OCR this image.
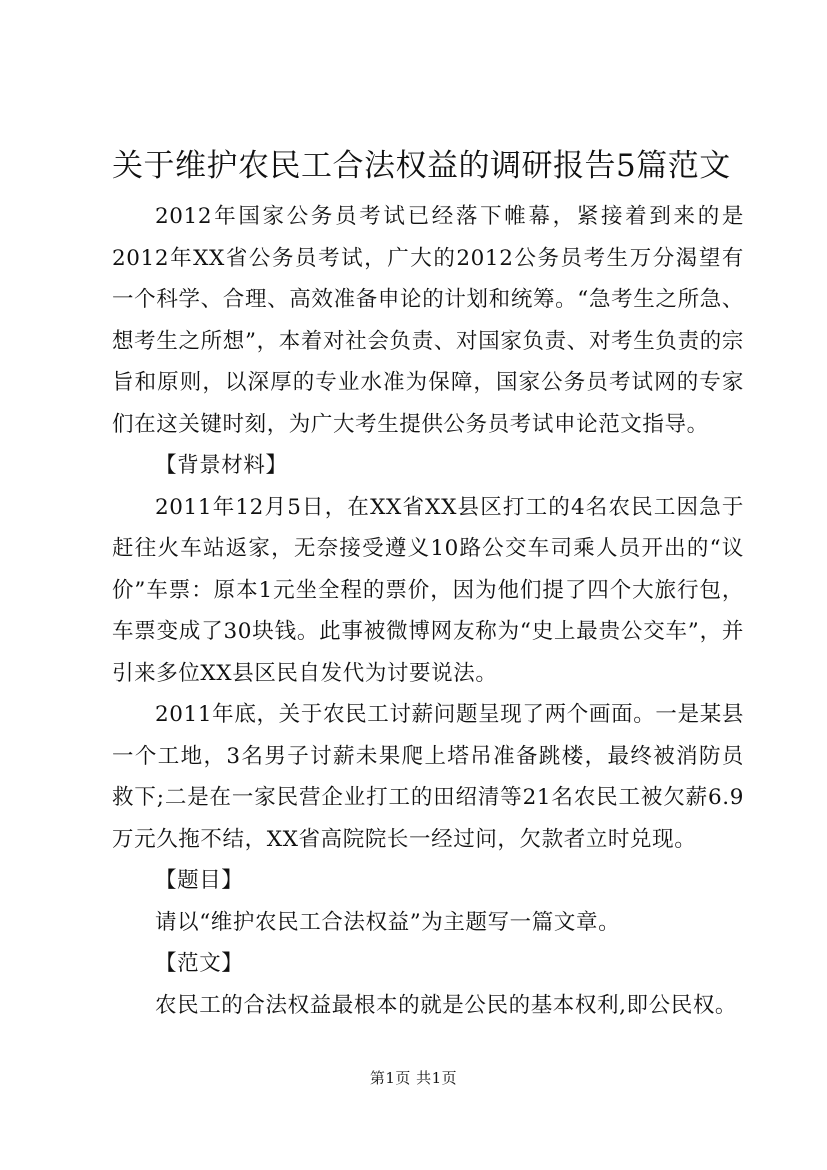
关于维护农民工合法权益的调研报告5篇范文

2012年国家公务员考试已经落下帷幕，紧接着到来的是2012年XX省公务员考试，广大的2012公务员考生万分渴望有一个科学、合理、高效准备申论的计划和统筹。“急考生之所急、想考生之所想”，本着对社会负责、对国家负责、对考生负责的宗旨和原则，以深厚的专业水准为保障，国家公务员考试网的专家们在这关键时刻，为广大考生提供公务员考试申论范文指导。

【背景材料】

2011年12月5日，在XX省XX县区打工的4名农民工因急于赶往火车站返家，无奈接受遵义10路公交车司乘人员开出的“议价”车票：原本1元坐全程的票价，因为他们提了四个大旅行包，车票变成了30块钱。此事被微博网友称为“史上最贵公交车”，并引来多位XX县区民自发代为讨要说法。

2011年底，关于农民工讨薪问题呈现了两个画面。一是某县一个工地，3名男子讨薪未果爬上塔吊准备跳楼，最终被消防员救下;二是在一家民营企业打工的田绍清等21名农民工被欠薪6.9万元久拖不结，XX省高院院长一经过问，欠款者立时兑现。

【题目】

请以“维护农民工合法权益”为主题写一篇文章。

【范文】

农民工的合法权益最根本的就是公民的基本权利,即公民权。

第1页 共1页
